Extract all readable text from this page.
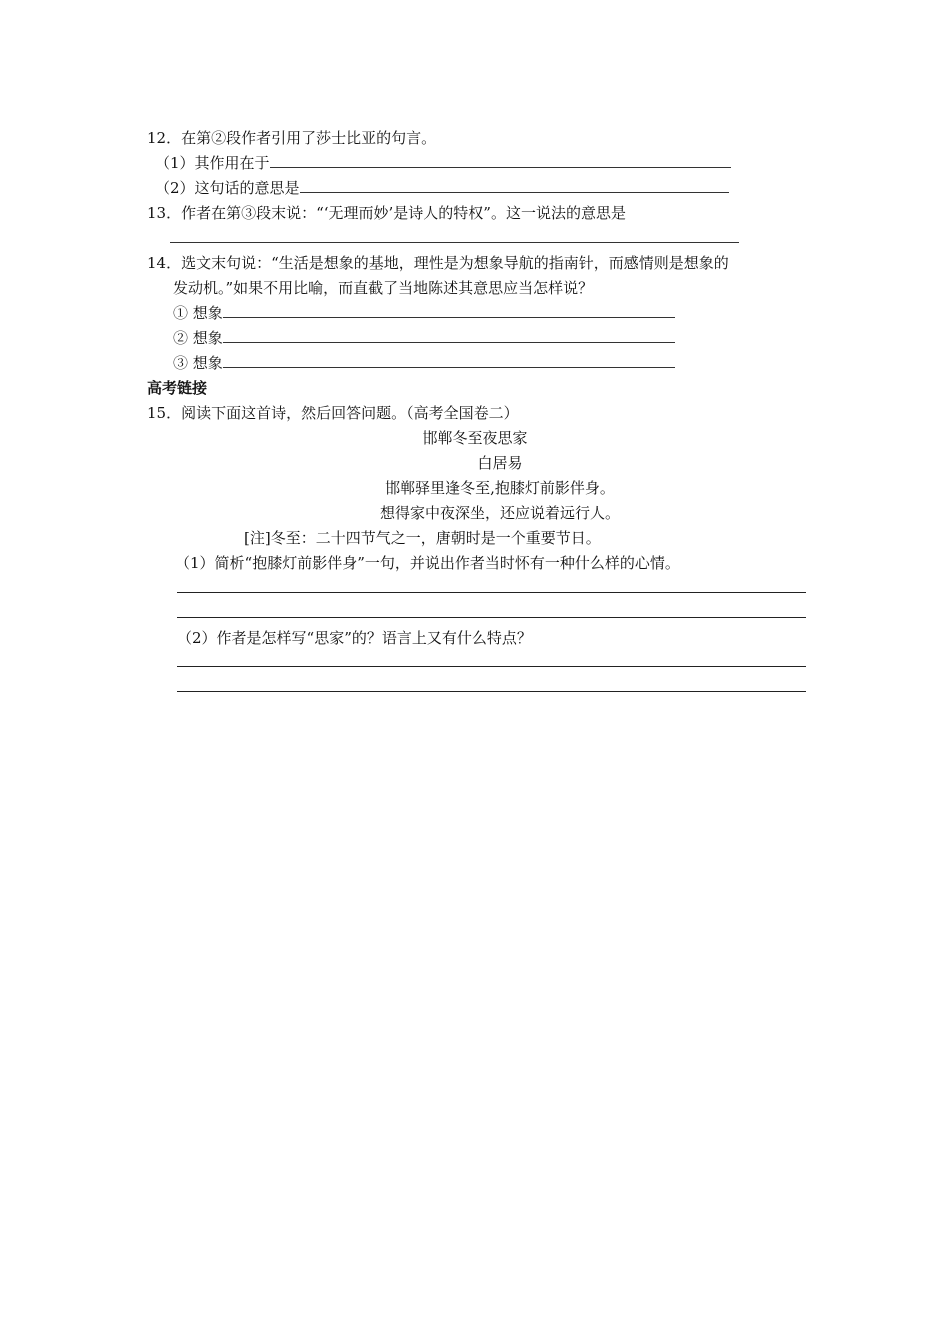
12．在第②段作者引用了莎士比亚的句言。
（1）其作用在于
（2）这句话的意思是
13．作者在第③段末说：“‘无理而妙’是诗人的特权”。这一说法的意思是
14．选文末句说：“生活是想象的基地，理性是为想象导航的指南针，而感情则是想象的
发动机。”如果不用比喻，而直截了当地陈述其意思应当怎样说？
① 想象
② 想象
③ 想象
高考链接
15．阅读下面这首诗，然后回答问题。（高考全国卷二）
邯郸冬至夜思家
白居易
邯郸驿里逢冬至,抱膝灯前影伴身。
想得家中夜深坐，还应说着远行人。
[注]冬至：二十四节气之一，唐朝时是一个重要节日。
（1）简析“抱膝灯前影伴身”一句，并说出作者当时怀有一种什么样的心情。
（2）作者是怎样写“思家”的？语言上又有什么特点？
